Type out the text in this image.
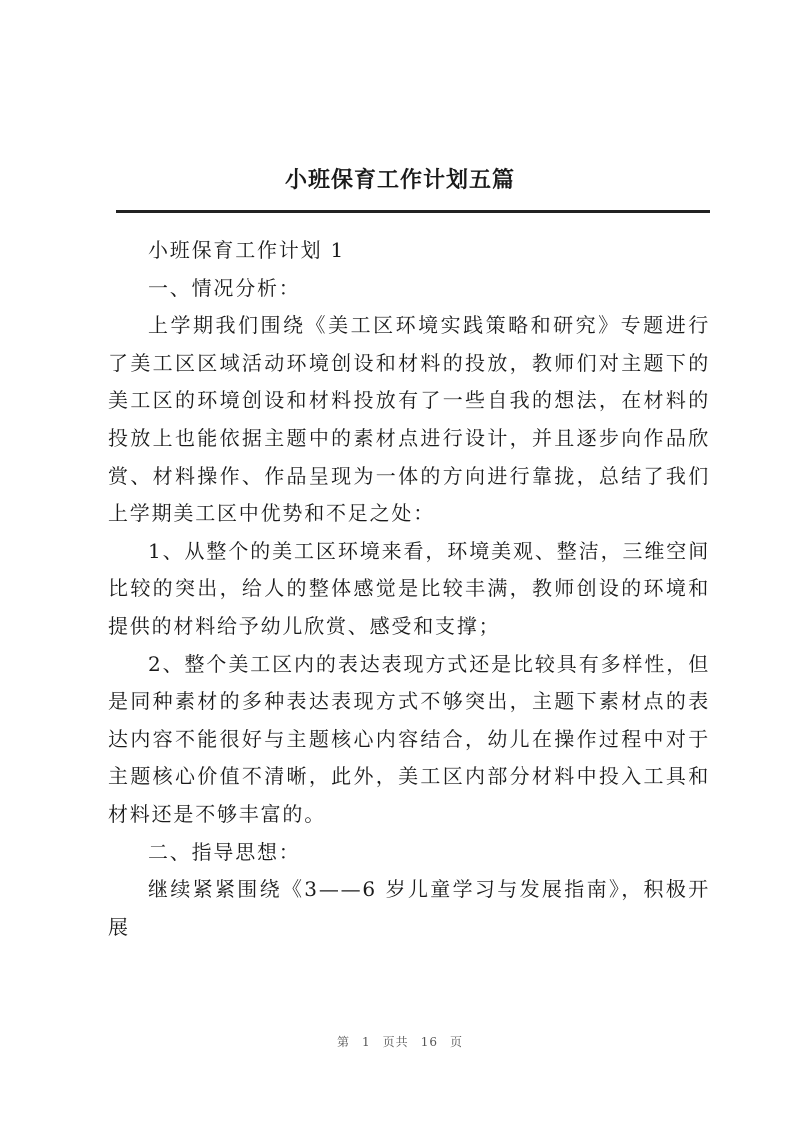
小班保育工作计划五篇

小班保育工作计划 1

一、情况分析：

上学期我们围绕《美工区环境实践策略和研究》专题进行了美工区区域活动环境创设和材料的投放，教师们对主题下的美工区的环境创设和材料投放有了一些自我的想法，在材料的投放上也能依据主题中的素材点进行设计，并且逐步向作品欣赏、材料操作、作品呈现为一体的方向进行靠拢，总结了我们上学期美工区中优势和不足之处：

1、从整个的美工区环境来看，环境美观、整洁，三维空间比较的突出，给人的整体感觉是比较丰满，教师创设的环境和提供的材料给予幼儿欣赏、感受和支撑；

2、整个美工区内的表达表现方式还是比较具有多样性，但是同种素材的多种表达表现方式不够突出，主题下素材点的表达内容不能很好与主题核心内容结合，幼儿在操作过程中对于主题核心价值不清晰，此外，美工区内部分材料中投入工具和材料还是不够丰富的。

二、指导思想：

继续紧紧围绕《3——6 岁儿童学习与发展指南》，积极开展

第 1 页共 16 页
